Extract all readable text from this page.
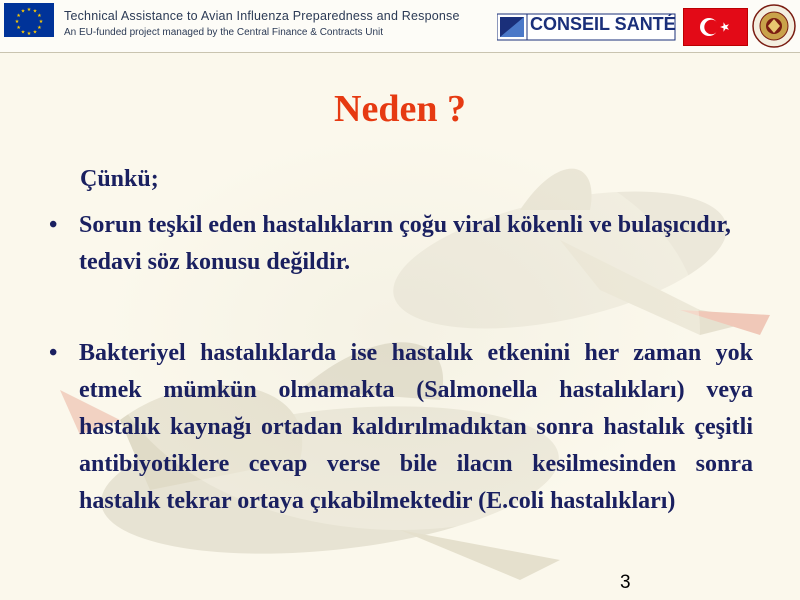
★ ★
★
★
★
★
★
★
★
★
★
★	Technical Assistance to Avian Influenza Preparedness and Response
An EU-funded project managed by the Central Finance & Contracts Unit	CONSEIL SANTÉ
Neden ?
Çünkü;
• Sorun teşkil eden hastalıkların çoğu viral kökenli ve bulaşıcıdır, tedavi söz konusu değildir.
• Bakteriyel hastalıklarda ise hastalık etkenini her zaman yok etmek mümkün olmamakta (Salmonella hastalıkları) veya hastalık kaynağı ortadan kaldırılmadıktan sonra hastalık çeşitli antibiyotiklere cevap verse bile ilacın kesilmesinden sonra hastalık tekrar ortaya çıkabilmektedir (E.coli hastalıkları)
3
